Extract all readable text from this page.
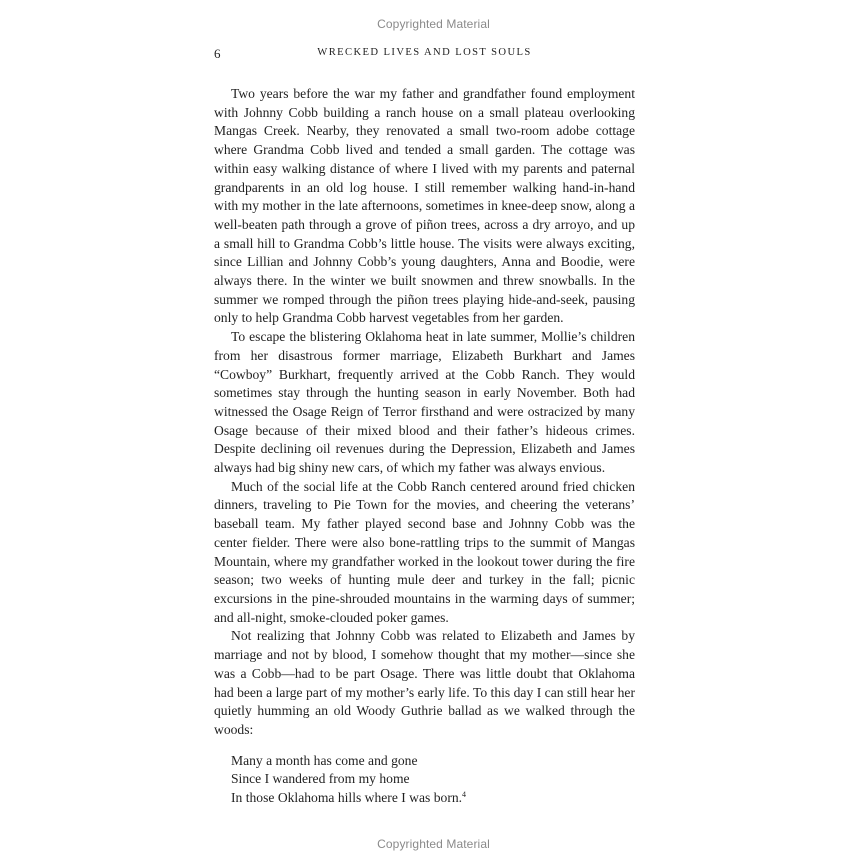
Copyrighted Material
6	WRECKED LIVES AND LOST SOULS

Two years before the war my father and grandfather found employment with Johnny Cobb building a ranch house on a small plateau overlooking Mangas Creek. Nearby, they renovated a small two-room adobe cottage where Grandma Cobb lived and tended a small garden. The cottage was within easy walking distance of where I lived with my parents and paternal grandparents in an old log house. I still remember walking hand-in-hand with my mother in the late afternoons, sometimes in knee-deep snow, along a well-beaten path through a grove of piñon trees, across a dry arroyo, and up a small hill to Grandma Cobb’s little house. The visits were always exciting, since Lillian and Johnny Cobb’s young daughters, Anna and Boodie, were always there. In the winter we built snowmen and threw snowballs. In the summer we romped through the piñon trees playing hide-and-seek, pausing only to help Grandma Cobb harvest vegetables from her garden.

To escape the blistering Oklahoma heat in late summer, Mollie’s children from her disastrous former marriage, Elizabeth Burkhart and James “Cowboy” Burkhart, frequently arrived at the Cobb Ranch. They would sometimes stay through the hunting season in early November. Both had witnessed the Osage Reign of Terror firsthand and were ostracized by many Osage because of their mixed blood and their father’s hideous crimes. Despite declining oil revenues during the Depression, Elizabeth and James always had big shiny new cars, of which my father was always envious.

Much of the social life at the Cobb Ranch centered around fried chicken dinners, traveling to Pie Town for the movies, and cheering the veterans’ baseball team. My father played second base and Johnny Cobb was the center fielder. There were also bone-rattling trips to the summit of Mangas Mountain, where my grandfather worked in the lookout tower during the fire season; two weeks of hunting mule deer and turkey in the fall; picnic excursions in the pine-shrouded mountains in the warming days of summer; and all-night, smoke-clouded poker games.

Not realizing that Johnny Cobb was related to Elizabeth and James by marriage and not by blood, I somehow thought that my mother—since she was a Cobb—had to be part Osage. There was little doubt that Oklahoma had been a large part of my mother’s early life. To this day I can still hear her quietly humming an old Woody Guthrie ballad as we walked through the woods:

Many a month has come and gone
Since I wandered from my home
In those Oklahoma hills where I was born.$^4$
Copyrighted Material
